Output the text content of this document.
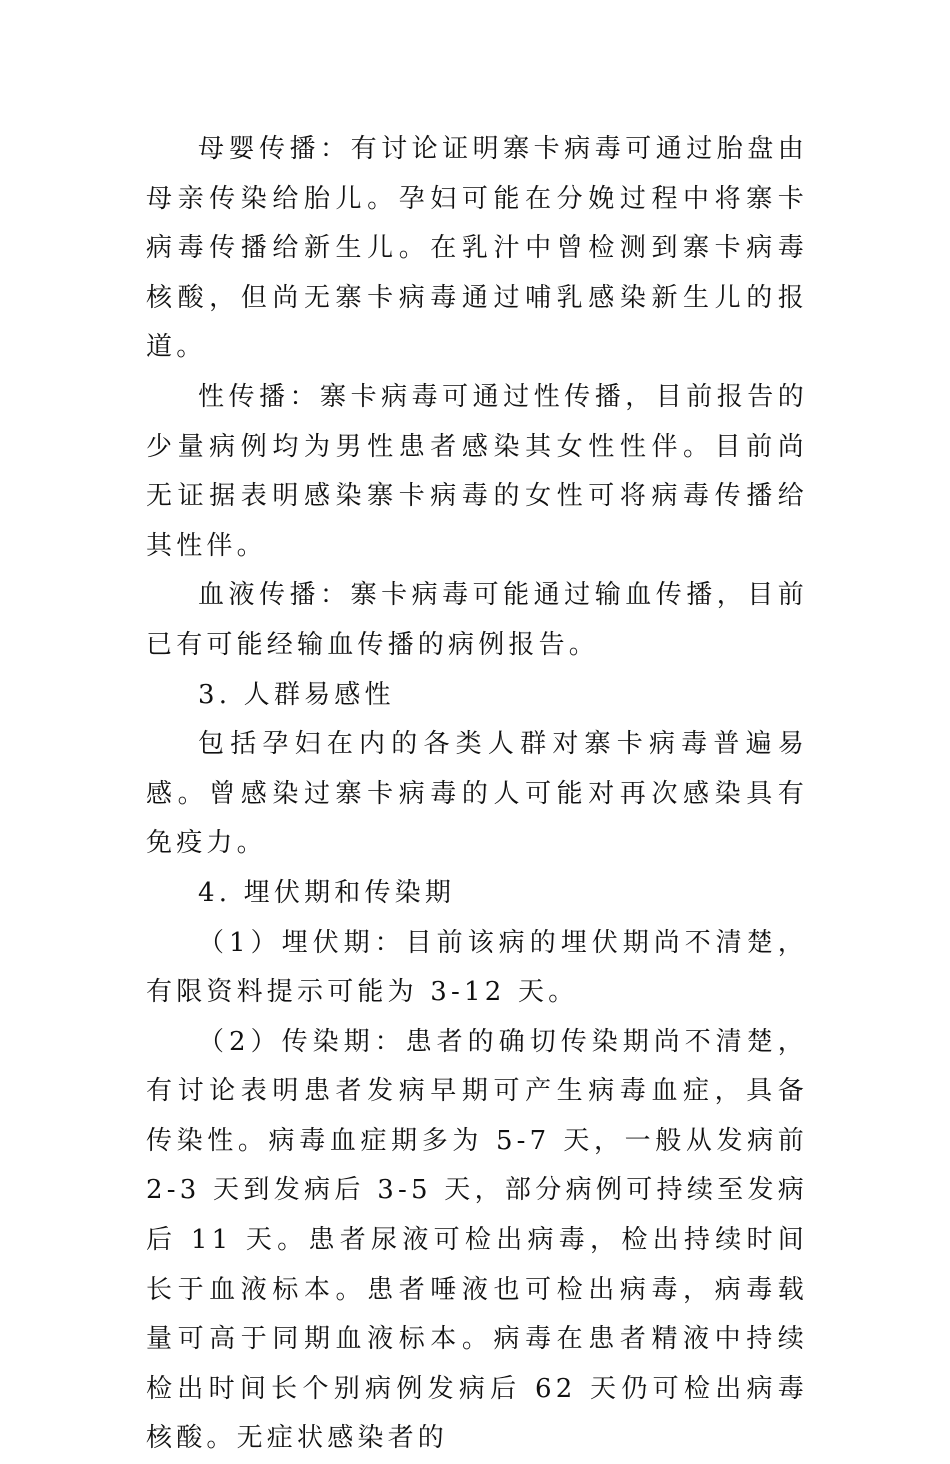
母婴传播：有讨论证明寨卡病毒可通过胎盘由母亲传染给胎儿。孕妇可能在分娩过程中将寨卡病毒传播给新生儿。在乳汁中曾检测到寨卡病毒核酸，但尚无寨卡病毒通过哺乳感染新生儿的报道。

性传播：寨卡病毒可通过性传播，目前报告的少量病例均为男性患者感染其女性性伴。目前尚无证据表明感染寨卡病毒的女性可将病毒传播给其性伴。

血液传播：寨卡病毒可能通过输血传播，目前已有可能经输血传播的病例报告。

3. 人群易感性

包括孕妇在内的各类人群对寨卡病毒普遍易感。曾感染过寨卡病毒的人可能对再次感染具有免疫力。

4. 埋伏期和传染期

（1）埋伏期：目前该病的埋伏期尚不清楚，有限资料提示可能为 3-12 天。

（2）传染期：患者的确切传染期尚不清楚，有讨论表明患者发病早期可产生病毒血症，具备传染性。病毒血症期多为 5-7 天，一般从发病前 2-3 天到发病后 3-5 天，部分病例可持续至发病后 11 天。患者尿液可检出病毒，检出持续时间长于血液标本。患者唾液也可检出病毒，病毒载量可高于同期血液标本。病毒在患者精液中持续检出时间长个别病例发病后 62 天仍可检出病毒核酸。无症状感染者的
